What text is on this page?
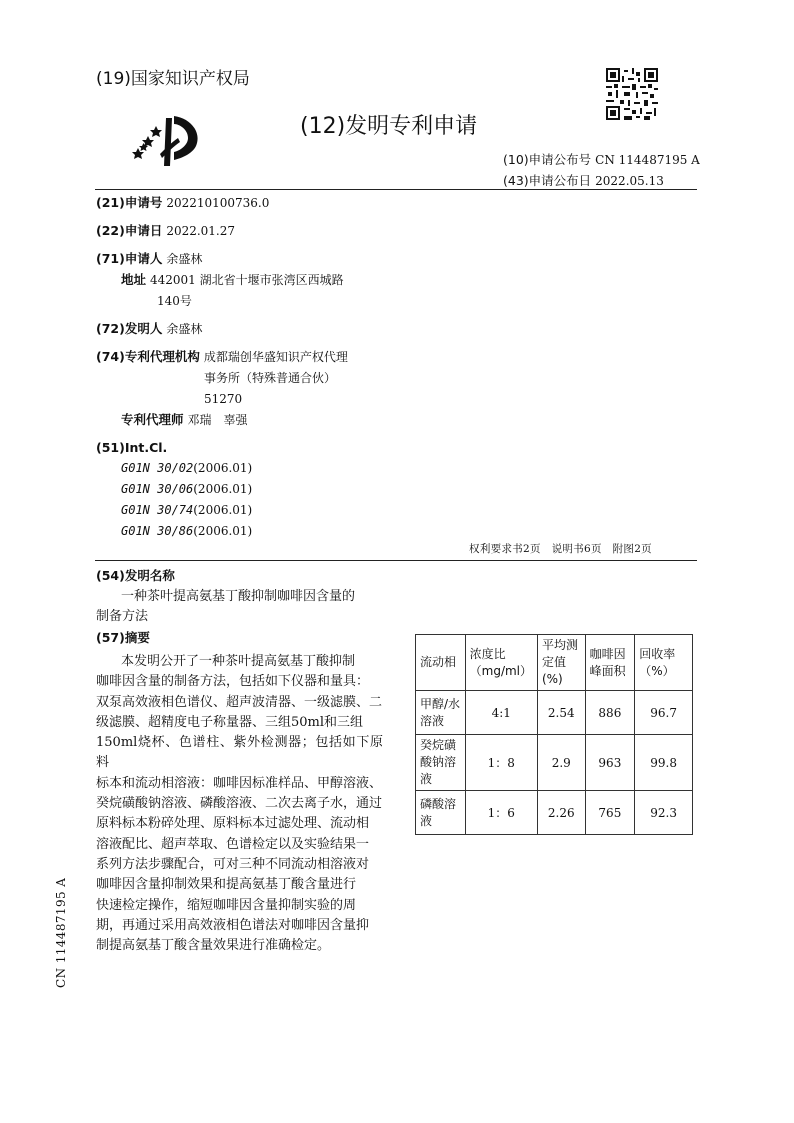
(19)国家知识产权局
(12)发明专利申请
(10)申请公布号 CN 114487195 A
(43)申请公布日 2022.05.13
(21)申请号 202210100736.0
(22)申请日 2022.01.27
(71)申请人 余盛林
地址 442001 湖北省十堰市张湾区西城路
140号
(72)发明人 余盛林
(74)专利代理机构 成都瑞创华盛知识产权代理
事务所（特殊普通合伙）
51270
专利代理师 邓瑞　辜强
(51)Int.Cl.
G01N 30/02(2006.01)
G01N 30/06(2006.01)
G01N 30/74(2006.01)
G01N 30/86(2006.01)
权利要求书2页　说明书6页　附图2页
(54)发明名称
一种茶叶提高氨基丁酸抑制咖啡因含量的
制备方法
(57)摘要
本发明公开了一种茶叶提高氨基丁酸抑制
咖啡因含量的制备方法，包括如下仪器和量具：
双泵高效液相色谱仪、超声波清器、一级滤膜、二
级滤膜、超精度电子称量器、三组50ml和三组
150ml烧杯、色谱柱、紫外检测器；包括如下原料
标本和流动相溶液：咖啡因标准样品、甲醇溶液、
癸烷磺酸钠溶液、磷酸溶液、二次去离子水，通过
原料标本粉碎处理、原料标本过滤处理、流动相
溶液配比、超声萃取、色谱检定以及实验结果一
系列方法步骤配合，可对三种不同流动相溶液对
咖啡因含量抑制效果和提高氨基丁酸含量进行
快速检定操作，缩短咖啡因含量抑制实验的周
期，再通过采用高效液相色谱法对咖啡因含量抑
制提高氨基丁酸含量效果进行准确检定。
流动相	浓度比（mg/ml）	平均测定值(%)	咖啡因峰面积	回收率（%）
甲醇/水溶液	4:1	2.54	886	96.7
癸烷磺酸钠溶液	1：8	2.9	963	99.8
磷酸溶液	1：6	2.26	765	92.3
CN 114487195 A
